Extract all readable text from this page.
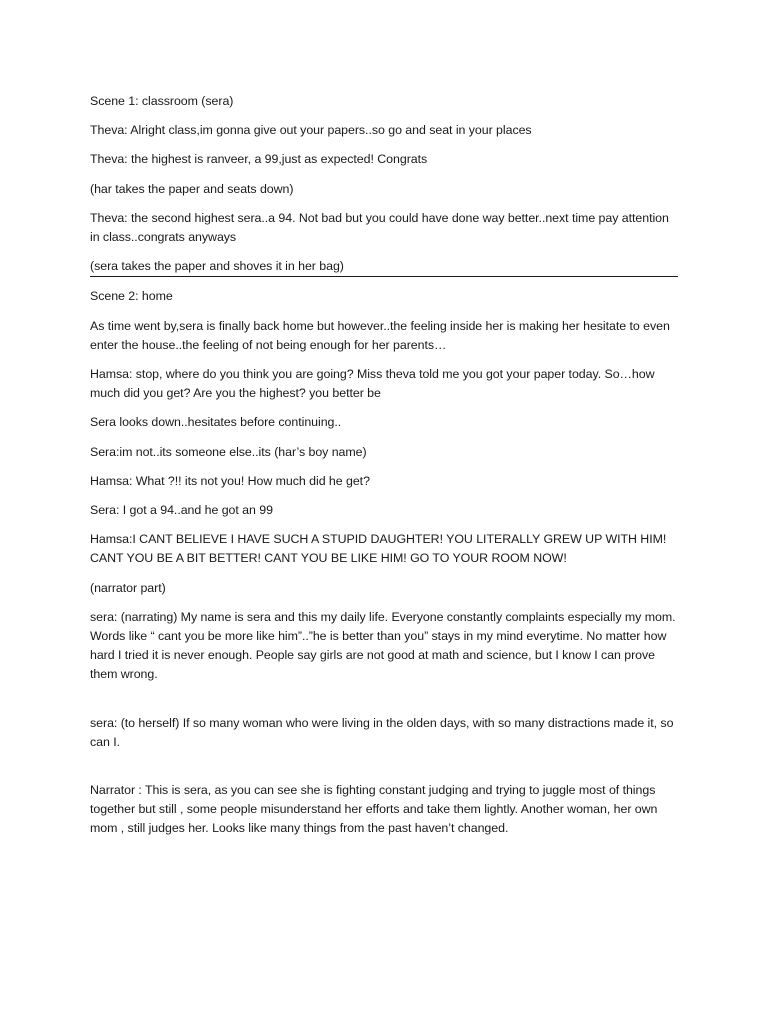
Scene 1: classroom (sera)

Theva: Alright class,im gonna give out your papers..so go and seat in your places

Theva: the highest is ranveer, a 99,just as expected! Congrats

(har takes the paper and seats down)

Theva: the second highest sera..a 94. Not bad but you could have done way better..next time pay attention in class..congrats anyways

(sera takes the paper and shoves it in her bag)

Scene 2: home

As time went by,sera is finally back home but however..the feeling inside her is making her hesitate to even enter the house..the feeling of not being enough for her parents…

Hamsa: stop, where do you think you are going? Miss theva told me you got your paper today. So…how much did you get? Are you the highest? you better be

Sera looks down..hesitates before continuing..

Sera:im not..its someone else..its (har’s boy name)

Hamsa: What ?!! its not you! How much did he get?

Sera: I got a 94..and he got an 99

Hamsa:I CANT BELIEVE I HAVE SUCH A STUPID DAUGHTER! YOU LITERALLY GREW UP WITH HIM! CANT YOU BE A BIT BETTER! CANT YOU BE LIKE HIM! GO TO YOUR ROOM NOW!

(narrator part)

sera: (narrating) My name is sera and this my daily life. Everyone constantly complaints especially my mom. Words like “ cant you be more like him”..”he is better than you” stays in my mind everytime. No matter how hard I tried it is never enough. People say girls are not good at math and science, but I know I can prove them wrong.

sera: (to herself) If so many woman who were living in the olden days, with so many distractions made it, so can I.

Narrator : This is sera, as you can see she is fighting constant judging and trying to juggle most of things together but still , some people misunderstand her efforts and take them lightly. Another woman, her own mom , still judges her. Looks like many things from the past haven’t changed.
